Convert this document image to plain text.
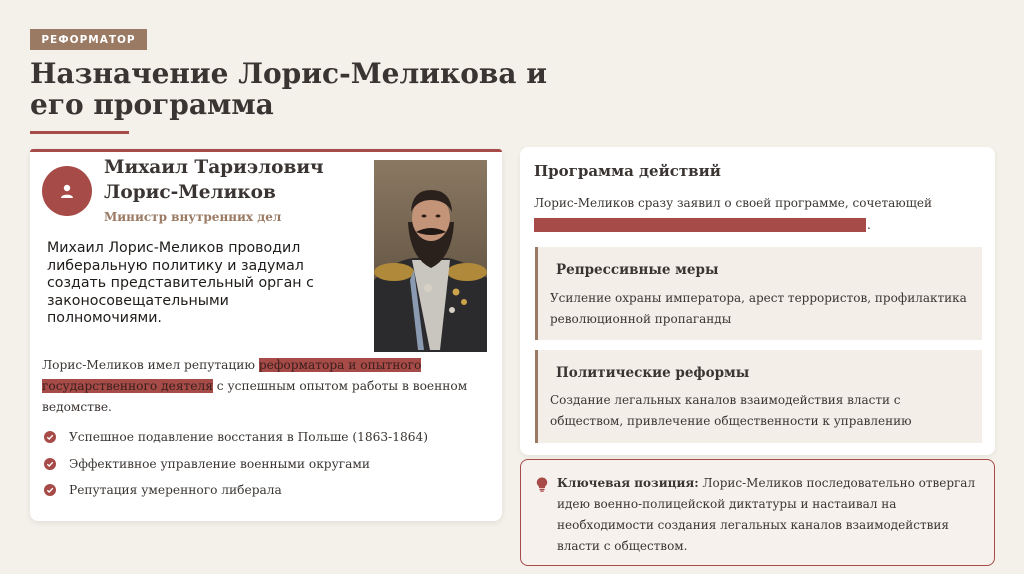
РЕФОРМАТОР
Назначение Лорис-Меликова и его программа
Михаил Тариэлович Лорис-Меликов
Министр внутренних дел
Михаил Лорис-Меликов проводил либеральную политику и задумал создать представительный орган с законосовещательными полномочиями.

Лорис-Меликов имел репутацию реформатора и опытного государственного деятеля с успешным опытом работы в военном ведомстве.

Успешное подавление восстания в Польше (1863-1864)
Эффективное управление военными округами
Репутация умеренного либерала
Программа действий
Лорис-Меликов сразу заявил о своей программе, сочетающей
.
Репрессивные меры

Усиление охраны императора, арест террористов, профилактика революционной пропаганды

Политические реформы

Создание легальных каналов взаимодействия власти с обществом, привлечение общественности к управлению

Ключевая позиция: Лорис-Меликов последовательно отвергал идею военно-полицейской диктатуры и настаивал на необходимости создания легальных каналов взаимодействия власти с обществом.
